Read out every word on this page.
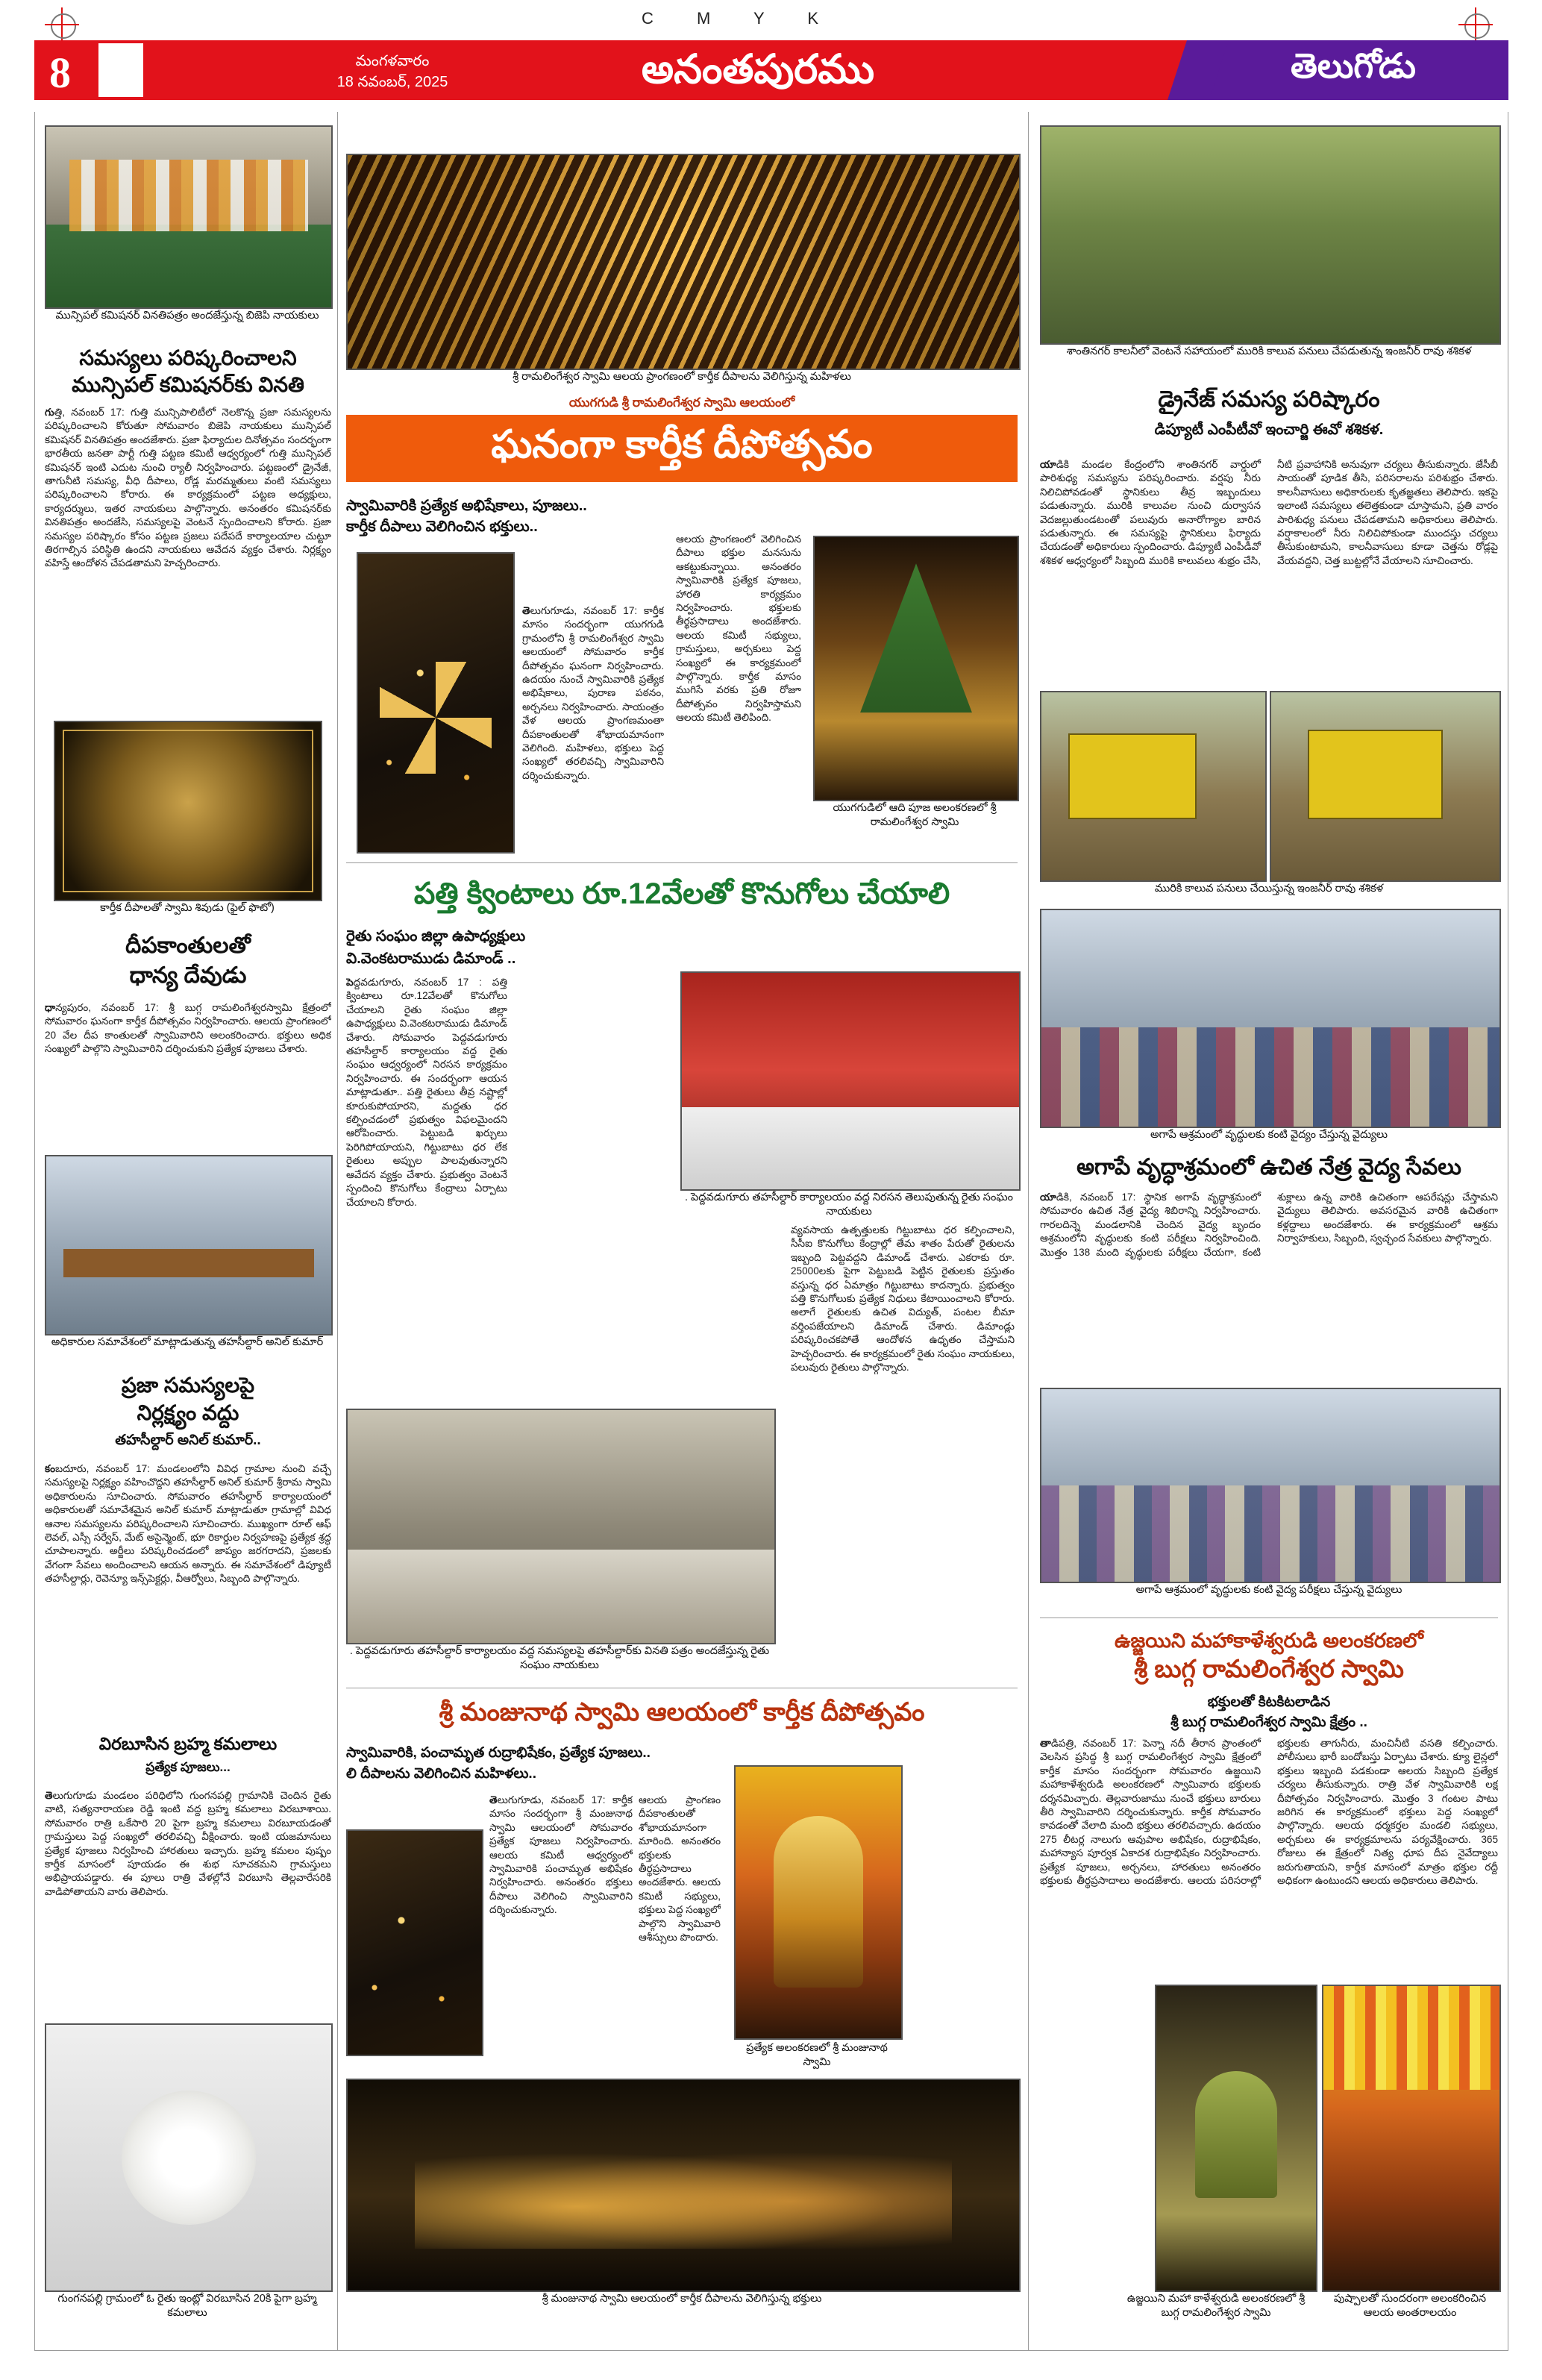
C M Y K
8	మంగళవారం
18 నవంబర్, 2025	అనంతపురము	తెలుగోడు
మున్సిపల్ కమిషనర్ వినతిపత్రం అందజేస్తున్న బిజెపి నాయకులు
సమస్యలు పరిష్కరించాలని
మున్సిపల్ కమిషనర్‌కు వినతి
గుత్తి, నవంబర్ 17: గుత్తి మున్సిపాలిటీలో నెలకొన్న ప్రజా సమస్యలను పరిష్కరించాలని కోరుతూ సోమవారం బిజెపి నాయకులు మున్సిపల్ కమిషనర్ వినతిపత్రం అందజేశారు. ప్రజా ఫిర్యాదుల దినోత్సవం సందర్భంగా భారతీయ జనతా పార్టీ గుత్తి పట్టణ కమిటీ ఆధ్వర్యంలో గుత్తి మున్సిపల్ కమిషనర్ ఇంటి ఎదుట నుంచి ర్యాలీ నిర్వహించారు. పట్టణంలో డ్రైనేజీ, తాగునీటి సమస్య, వీధి దీపాలు, రోడ్ల మరమ్మతులు వంటి సమస్యలు పరిష్కరించాలని కోరారు. ఈ కార్యక్రమంలో పట్టణ అధ్యక్షులు, కార్యదర్శులు, ఇతర నాయకులు పాల్గొన్నారు. అనంతరం కమిషనర్‌కు వినతిపత్రం అందజేసి, సమస్యలపై వెంటనే స్పందించాలని కోరారు. ప్రజా సమస్యల పరిష్కారం కోసం పట్టణ ప్రజలు పదేపదే కార్యాలయాల చుట్టూ తిరగాల్సిన పరిస్థితి ఉందని నాయకులు ఆవేదన వ్యక్తం చేశారు. నిర్లక్ష్యం వహిస్తే ఆందోళన చేపడతామని హెచ్చరించారు.
కార్తీక దీపాలతో స్వామి శివుడు (ఫైల్ ఫొటో)
దీపకాంతులతో
ధాన్య దేవుడు
ధాన్యపురం, నవంబర్ 17: శ్రీ బుగ్గ రామలింగేశ్వరస్వామి క్షేత్రంలో సోమవారం ఘనంగా కార్తీక దీపోత్సవం నిర్వహించారు. ఆలయ ప్రాంగణంలో 20 వేల దీప కాంతులతో స్వామివారిని అలంకరించారు. భక్తులు అధిక సంఖ్యలో పాల్గొని స్వామివారిని దర్శించుకుని ప్రత్యేక పూజలు చేశారు.
అధికారుల సమావేశంలో మాట్లాడుతున్న తహసీల్దార్ అనిల్ కుమార్
ప్రజా సమస్యలపై
నిర్లక్ష్యం వద్దు
తహసీల్దార్ అనిల్ కుమార్..
కంబదూరు, నవంబర్ 17: మండలంలోని వివిధ గ్రామాల నుంచి వచ్చే సమస్యలపై నిర్లక్ష్యం వహించొద్దని తహసీల్దార్ అనిల్ కుమార్ శ్రీరామ స్వామి అధికారులను సూచించారు. సోమవారం తహసీల్దార్ కార్యాలయంలో అధికారులతో సమావేశమైన అనిల్ కుమార్ మాట్లాడుతూ గ్రామాల్లో వివిధ ఆనాల సమస్యలను పరిష్కరించాలని సూచించారు. ముఖ్యంగా రూల్ ఆఫ్ లెవల్, ఎస్సీ సర్వేస్, మేట్ అసైన్మెంట్, భూ రికార్డుల నిర్వహణపై ప్రత్యేక శ్రద్ధ చూపాలన్నారు. అర్జీలు పరిష్కరించడంలో జాప్యం జరగరాదని, ప్రజలకు వేగంగా సేవలు అందించాలని ఆయన అన్నారు. ఈ సమావేశంలో డిప్యూటీ తహసీల్దార్లు, రెవెన్యూ ఇన్స్‌పెక్టర్లు, వీఆర్వోలు, సిబ్బంది పాల్గొన్నారు.
విరబూసిన బ్రహ్మ కమలాలు
ప్రత్యేక పూజలు...
తెలుగుగూడు మండలం పరిధిలోని గుంగనపల్లి గ్రామానికి చెందిన రైతు వాటి, సత్యనారాయణ రెడ్డి ఇంటి వద్ద బ్రహ్మ కమలాలు విరబూశాయి. సోమవారం రాత్రి ఒకేసారి 20 పైగా బ్రహ్మ కమలాలు విరబూయడంతో గ్రామస్తులు పెద్ద సంఖ్యలో తరలివచ్చి వీక్షించారు. ఇంటి యజమానులు ప్రత్యేక పూజలు నిర్వహించి హారతులు ఇచ్చారు. బ్రహ్మ కమలం పుష్పం కార్తీక మాసంలో పూయడం ఈ శుభ సూచకమని గ్రామస్తులు అభిప్రాయపడ్డారు. ఈ పూలు రాత్రి వేళల్లోనే విరబూసి తెల్లవారేసరికి వాడిపోతాయని వారు తెలిపారు.
గుంగనపల్లి గ్రామంలో ఓ రైతు ఇంట్లో విరబూసిన 20కి పైగా బ్రహ్మ కమలాలు
శ్రీ రామలింగేశ్వర స్వామి ఆలయ ప్రాంగణంలో కార్తీక దీపాలను వెలిగిస్తున్న మహిళలు
యుగగుడి శ్రీ రామలింగేశ్వర స్వామి ఆలయంలో
ఘనంగా కార్తీక దీపోత్సవం
స్వామివారికి ప్రత్యేక అభిషేకాలు, పూజలు..
కార్తీక దీపాలు వెలిగించిన భక్తులు..
తెలుగుగూడు, నవంబర్ 17: కార్తీక మాసం సందర్భంగా యుగగుడి గ్రామంలోని శ్రీ రామలింగేశ్వర స్వామి ఆలయంలో సోమవారం కార్తీక దీపోత్సవం ఘనంగా నిర్వహించారు. ఉదయం నుంచే స్వామివారికి ప్రత్యేక అభిషేకాలు, పురాణ పఠనం, అర్చనలు నిర్వహించారు. సాయంత్రం వేళ ఆలయ ప్రాంగణమంతా దీపకాంతులతో శోభాయమానంగా వెలిగింది. మహిళలు, భక్తులు పెద్ద సంఖ్యలో తరలివచ్చి స్వామివారిని దర్శించుకున్నారు.
ఆలయ ప్రాంగణంలో వెలిగించిన దీపాలు భక్తుల మనసును ఆకట్టుకున్నాయి. అనంతరం స్వామివారికి ప్రత్యేక పూజలు, హారతి కార్యక్రమం నిర్వహించారు. భక్తులకు తీర్థప్రసాదాలు అందజేశారు. ఆలయ కమిటీ సభ్యులు, గ్రామస్తులు, అర్చకులు పెద్ద సంఖ్యలో ఈ కార్యక్రమంలో పాల్గొన్నారు. కార్తీక మాసం ముగిసే వరకు ప్రతి రోజూ దీపోత్సవం నిర్వహిస్తామని ఆలయ కమిటీ తెలిపింది.
యుగగుడిలో ఆది పూజ అలంకరణలో శ్రీ రామలింగేశ్వర స్వామి
పత్తి క్వింటాలు రూ.12వేలతో కొనుగోలు చేయాలి
రైతు సంఘం జిల్లా ఉపాధ్యక్షులు
వి.వెంకటరాముడు డిమాండ్ ..
. పెద్దవడుగూరు తహసీల్దార్ కార్యాలయం వద్ద నిరసన తెలుపుతున్న రైతు సంఘం నాయకులు
పెద్దవడుగూరు, నవంబర్ 17 : పత్తి క్వింటాలు రూ.12వేలతో కొనుగోలు చేయాలని రైతు సంఘం జిల్లా ఉపాధ్యక్షులు వి.వెంకటరాముడు డిమాండ్ చేశారు. సోమవారం పెద్దవడుగూరు తహసీల్దార్ కార్యాలయం వద్ద రైతు సంఘం ఆధ్వర్యంలో నిరసన కార్యక్రమం నిర్వహించారు. ఈ సందర్భంగా ఆయన మాట్లాడుతూ.. పత్తి రైతులు తీవ్ర నష్టాల్లో కూరుకుపోయారని, మద్దతు ధర కల్పించడంలో ప్రభుత్వం విఫలమైందని ఆరోపించారు. పెట్టుబడి ఖర్చులు పెరిగిపోయాయని, గిట్టుబాటు ధర లేక రైతులు అప్పుల పాలవుతున్నారని ఆవేదన వ్యక్తం చేశారు. ప్రభుత్వం వెంటనే స్పందించి కొనుగోలు కేంద్రాలు ఏర్పాటు చేయాలని కోరారు.
వ్యవసాయ ఉత్పత్తులకు గిట్టుబాటు ధర కల్పించాలని, సీసీఐ కొనుగోలు కేంద్రాల్లో తేమ శాతం పేరుతో రైతులను ఇబ్బంది పెట్టవద్దని డిమాండ్ చేశారు. ఎకరాకు రూ. 25000లకు పైగా పెట్టుబడి పెట్టిన రైతులకు ప్రస్తుతం వస్తున్న ధర ఏమాత్రం గిట్టుబాటు కాదన్నారు. ప్రభుత్వం పత్తి కొనుగోలుకు ప్రత్యేక నిధులు కేటాయించాలని కోరారు. అలాగే రైతులకు ఉచిత విద్యుత్, పంటల బీమా వర్తింపజేయాలని డిమాండ్ చేశారు. డిమాండ్లు పరిష్కరించకపోతే ఆందోళన ఉధృతం చేస్తామని హెచ్చరించారు. ఈ కార్యక్రమంలో రైతు సంఘం నాయకులు, పలువురు రైతులు పాల్గొన్నారు.
. పెద్దవడుగూరు తహసీల్దార్ కార్యాలయం వద్ద సమస్యలపై తహసీల్దార్‌కు వినతి పత్రం అందజేస్తున్న రైతు సంఘం నాయకులు
శ్రీ మంజునాథ స్వామి ఆలయంలో కార్తీక దీపోత్సవం
స్వామివారికి, పంచామృత రుద్రాభిషేకం, ప్రత్యేక పూజలు..
లి దీపాలను వెలిగించిన మహిళలు..
తెలుగుగూడు, నవంబర్ 17: కార్తీక మాసం సందర్భంగా శ్రీ మంజునాథ స్వామి ఆలయంలో సోమవారం ప్రత్యేక పూజలు నిర్వహించారు. ఆలయ కమిటీ ఆధ్వర్యంలో స్వామివారికి పంచామృత అభిషేకం నిర్వహించారు. అనంతరం భక్తులు దీపాలు వెలిగించి స్వామివారిని దర్శించుకున్నారు.
ఆలయ ప్రాంగణం దీపకాంతులతో శోభాయమానంగా మారింది. అనంతరం భక్తులకు తీర్థప్రసాదాలు అందజేశారు. ఆలయ కమిటీ సభ్యులు, భక్తులు పెద్ద సంఖ్యలో పాల్గొని స్వామివారి ఆశీస్సులు పొందారు.
ప్రత్యేక అలంకరణలో శ్రీ మంజునాథ స్వామి
శ్రీ మంజునాథ స్వామి ఆలయంలో కార్తీక దీపాలను వెలిగిస్తున్న భక్తులు
శాంతినగర్ కాలనీలో వెంటనే సహాయంలో మురికి కాలువ పనులు చేపడుతున్న ఇంజనీర్ రావు శశికళ
డ్రైనేజ్ సమస్య పరిష్కారం
డిప్యూటీ ఎంపీటీవో ఇంచార్జి ఈవో శశికళ.
యాడికి మండల కేంద్రంలోని శాంతినగర్ వార్డులో పారిశుధ్య సమస్యను పరిష్కరించారు. వర్షపు నీరు నిలిచిపోవడంతో స్థానికులు తీవ్ర ఇబ్బందులు పడుతున్నారు. మురికి కాలువల నుంచి దుర్వాసన వెదజల్లుతుండటంతో పలువురు అనారోగ్యాల బారిన పడుతున్నారు. ఈ సమస్యపై స్థానికులు ఫిర్యాదు చేయడంతో అధికారులు స్పందించారు. డిప్యూటీ ఎంపీడీవో శశికళ ఆధ్వర్యంలో సిబ్బంది మురికి కాలువలు శుభ్రం చేసి, నీటి ప్రవాహానికి అనువుగా చర్యలు తీసుకున్నారు. జేసీబీ సాయంతో పూడిక తీసి, పరిసరాలను పరిశుభ్రం చేశారు. కాలనీవాసులు అధికారులకు కృతజ్ఞతలు తెలిపారు. ఇకపై ఇలాంటి సమస్యలు తలెత్తకుండా చూస్తామని, ప్రతి వారం పారిశుధ్య పనులు చేపడతామని అధికారులు తెలిపారు. వర్షాకాలంలో నీరు నిలిచిపోకుండా ముందస్తు చర్యలు తీసుకుంటామని, కాలనీవాసులు కూడా చెత్తను రోడ్లపై వేయవద్దని, చెత్త బుట్టల్లోనే వేయాలని సూచించారు.
మురికి కాలువ పనులు చేయిస్తున్న ఇంజనీర్ రావు శశికళ
అగాపే ఆశ్రమంలో వృద్ధులకు కంటి వైద్యం చేస్తున్న వైద్యులు
అగాపే వృద్ధాశ్రమంలో ఉచిత నేత్ర వైద్య సేవలు
యాడికి, నవంబర్ 17: స్థానిక అగాపే వృద్ధాశ్రమంలో సోమవారం ఉచిత నేత్ర వైద్య శిబిరాన్ని నిర్వహించారు. గారలదిన్నె మండలానికి చెందిన వైద్య బృందం ఆశ్రమంలోని వృద్ధులకు కంటి పరీక్షలు నిర్వహించింది. మొత్తం 138 మంది వృద్ధులకు పరీక్షలు చేయగా, కంటి శుక్లాలు ఉన్న వారికి ఉచితంగా ఆపరేషన్లు చేస్తామని వైద్యులు తెలిపారు. అవసరమైన వారికి ఉచితంగా కళ్లద్దాలు అందజేశారు. ఈ కార్యక్రమంలో ఆశ్రమ నిర్వాహకులు, సిబ్బంది, స్వచ్ఛంద సేవకులు పాల్గొన్నారు.
అగాపే ఆశ్రమంలో వృద్ధులకు కంటి వైద్య పరీక్షలు చేస్తున్న వైద్యులు
ఉజ్జయిని మహాకాళేశ్వరుడి అలంకరణలో
శ్రీ బుగ్గ రామలింగేశ్వర స్వామి
భక్తులతో కిటకిటలాడిన
శ్రీ బుగ్గ రామలింగేశ్వర స్వామి క్షేత్రం ..
తాడిపత్రి, నవంబర్ 17: పెన్నా నదీ తీరాన ప్రాంతంలో వెలసిన ప్రసిద్ధ శ్రీ బుగ్గ రామలింగేశ్వర స్వామి క్షేత్రంలో కార్తీక మాసం సందర్భంగా సోమవారం ఉజ్జయిని మహాకాళేశ్వరుడి అలంకరణలో స్వామివారు భక్తులకు దర్శనమిచ్చారు. తెల్లవారుజాము నుంచే భక్తులు బారులు తీరి స్వామివారిని దర్శించుకున్నారు. కార్తీక సోమవారం కావడంతో వేలాది మంది భక్తులు తరలివచ్చారు. ఉదయం 275 లీటర్ల నాలుగు ఆవుపాల అభిషేకం, రుద్రాభిషేకం, మహాన్యాస పూర్వక ఏకాదశ రుద్రాభిషేకం నిర్వహించారు. ప్రత్యేక పూజలు, అర్చనలు, హారతులు అనంతరం భక్తులకు తీర్థప్రసాదాలు అందజేశారు. ఆలయ పరిసరాల్లో భక్తులకు తాగునీరు, మంచినీటి వసతి కల్పించారు. పోలీసులు భారీ బందోబస్తు ఏర్పాటు చేశారు. క్యూ లైన్లలో భక్తులు ఇబ్బంది పడకుండా ఆలయ సిబ్బంది ప్రత్యేక చర్యలు తీసుకున్నారు. రాత్రి వేళ స్వామివారికి లక్ష దీపోత్సవం నిర్వహించారు. మొత్తం 3 గంటల పాటు జరిగిన ఈ కార్యక్రమంలో భక్తులు పెద్ద సంఖ్యలో పాల్గొన్నారు. ఆలయ ధర్మకర్తల మండలి సభ్యులు, అర్చకులు ఈ కార్యక్రమాలను పర్యవేక్షించారు. 365 రోజులు ఈ క్షేత్రంలో నిత్య ధూప దీప నైవేద్యాలు జరుగుతాయని, కార్తీక మాసంలో మాత్రం భక్తుల రద్దీ అధికంగా ఉంటుందని ఆలయ అధికారులు తెలిపారు.
ఉజ్జయిని మహా కాళేశ్వరుడి అలంకరణలో శ్రీ బుగ్గ రామలింగేశ్వర స్వామి
పుష్పాలతో సుందరంగా అలంకరించిన ఆలయ అంతరాలయం
